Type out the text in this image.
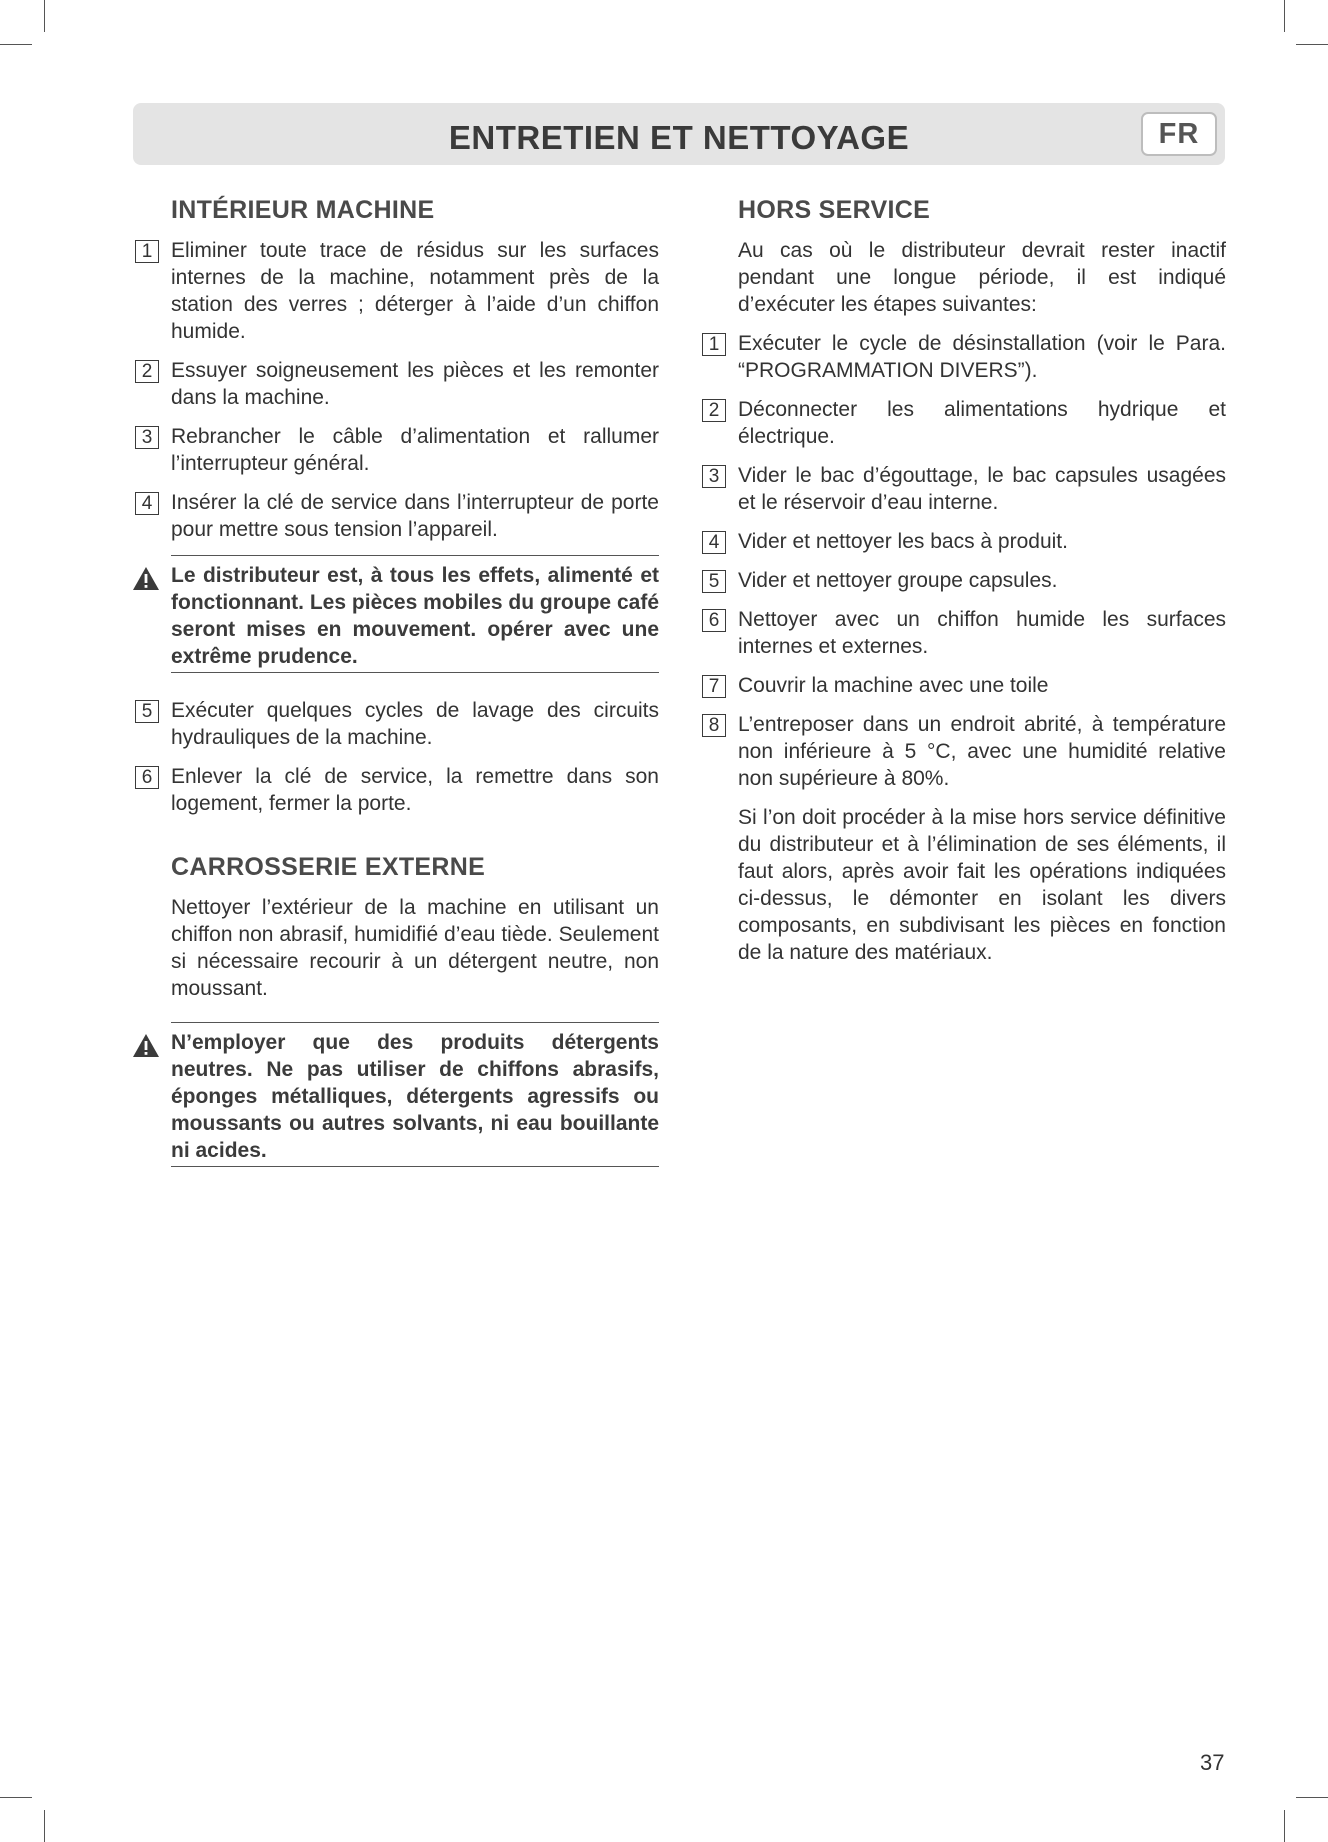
ENTRETIEN ET NETTOYAGE	FR
INTÉRIEUR MACHINE
1 Eliminer toute trace de résidus sur les surfaces internes de la machine, notamment près de la station des verres ; déterger à l’aide d’un chiffon humide.
2 Essuyer soigneusement les pièces et les remonter dans la machine.
3 Rebrancher le câble d’alimentation et rallumer l’interrupteur général.
4 Insérer la clé de service dans l’interrupteur de porte pour mettre sous tension l’appareil.
Le distributeur est, à tous les effets, alimenté et fonctionnant. Les pièces mobiles du groupe café seront mises en mouvement. opérer avec une extrême prudence.
5 Exécuter quelques cycles de lavage des circuits hydrauliques de la machine.
6 Enlever la clé de service, la remettre dans son logement, fermer la porte.
CARROSSERIE EXTERNE

Nettoyer l’extérieur de la machine en utilisant un chiffon non abrasif, humidifié d’eau tiède. Seulement si nécessaire recourir à un détergent neutre, non moussant.

N’employer que des produits détergents neutres. Ne pas utiliser de chiffons abrasifs, éponges métalliques, détergents agressifs ou moussants ou autres solvants, ni eau bouillante ni acides.
HORS SERVICE

Au cas où le distributeur devrait rester inactif pendant une longue période, il est indiqué d’exécuter les étapes suivantes:

1 Exécuter le cycle de désinstallation (voir le Para. “PROGRAMMATION DIVERS”).
2 Déconnecter les alimentations hydrique et électrique.
3 Vider le bac d’égouttage, le bac capsules usagées et le réservoir d’eau interne.
4 Vider et nettoyer les bacs à produit.
5 Vider et nettoyer groupe capsules.
6 Nettoyer avec un chiffon humide les surfaces internes et externes.
7 Couvrir la machine avec une toile
8 L’entreposer dans un endroit abrité, à température non inférieure à 5 °C, avec une humidité relative non supérieure à 80%.

Si l’on doit procéder à la mise hors service définitive du distributeur et à l’élimination de ses éléments, il faut alors, après avoir fait les opérations indiquées ci-dessus, le démonter en isolant les divers composants, en subdivisant les pièces en fonction de la nature des matériaux.

37
